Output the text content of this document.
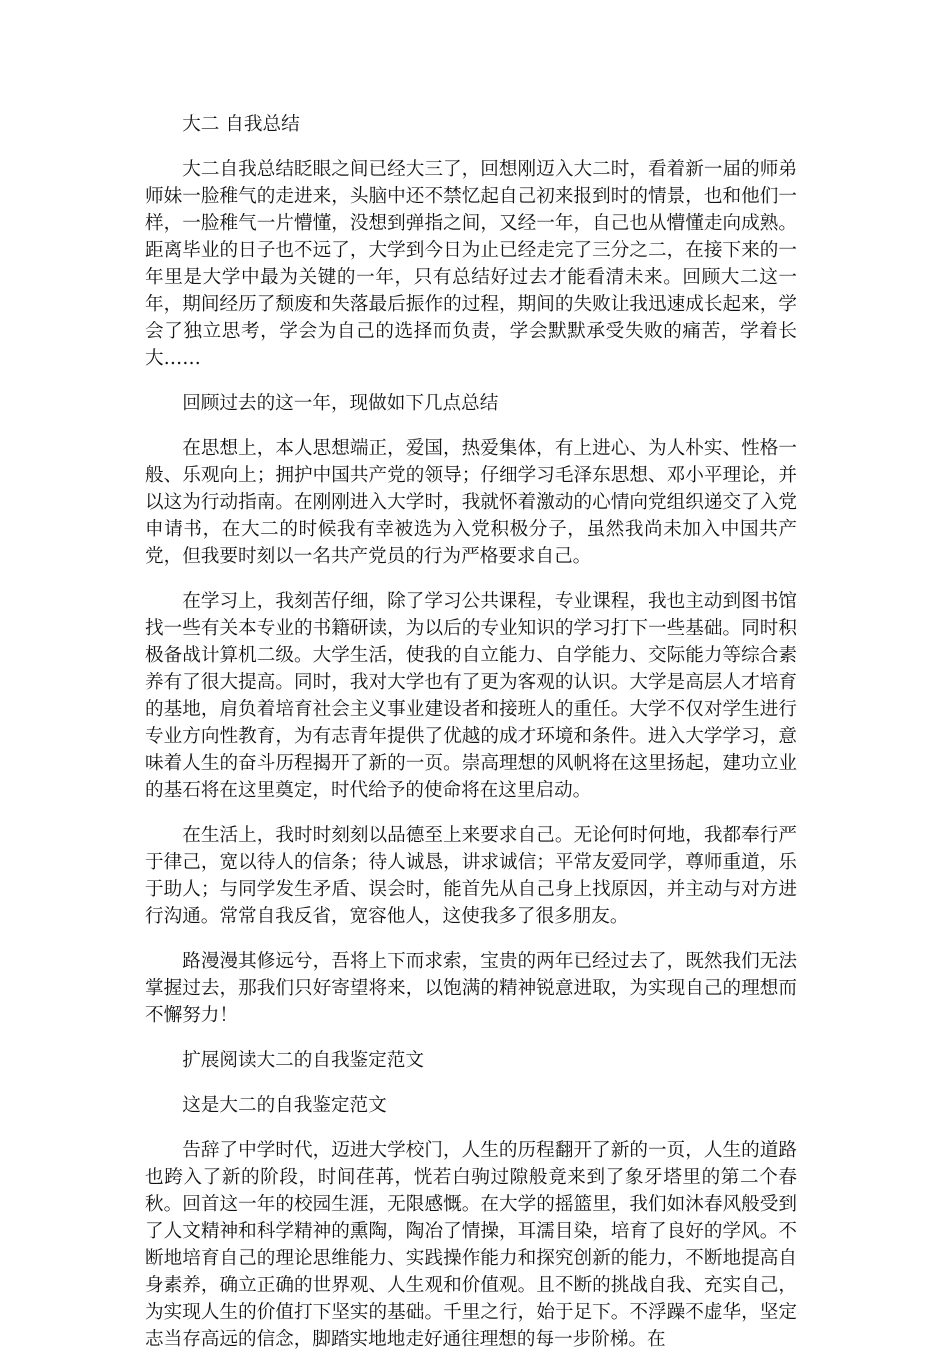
大二 自我总结

大二自我总结眨眼之间已经大三了，回想刚迈入大二时，看着新一届的师弟师妹一脸稚气的走进来，头脑中还不禁忆起自己初来报到时的情景，也和他们一样，一脸稚气一片懵懂，没想到弹指之间，又经一年，自己也从懵懂走向成熟。距离毕业的日子也不远了，大学到今日为止已经走完了三分之二，在接下来的一年里是大学中最为关键的一年，只有总结好过去才能看清未来。回顾大二这一年，期间经历了颓废和失落最后振作的过程，期间的失败让我迅速成长起来，学会了独立思考，学会为自己的选择而负责，学会默默承受失败的痛苦，学着长大……

回顾过去的这一年，现做如下几点总结

在思想上，本人思想端正，爱国，热爱集体，有上进心、为人朴实、性格一般、乐观向上；拥护中国共产党的领导；仔细学习毛泽东思想、邓小平理论，并以这为行动指南。在刚刚进入大学时，我就怀着激动的心情向党组织递交了入党申请书，在大二的时候我有幸被选为入党积极分子，虽然我尚未加入中国共产党，但我要时刻以一名共产党员的行为严格要求自己。

在学习上，我刻苦仔细，除了学习公共课程，专业课程，我也主动到图书馆找一些有关本专业的书籍研读，为以后的专业知识的学习打下一些基础。同时积极备战计算机二级。大学生活，使我的自立能力、自学能力、交际能力等综合素养有了很大提高。同时，我对大学也有了更为客观的认识。大学是高层人才培育的基地，肩负着培育社会主义事业建设者和接班人的重任。大学不仅对学生进行专业方向性教育，为有志青年提供了优越的成才环境和条件。进入大学学习，意味着人生的奋斗历程揭开了新的一页。崇高理想的风帆将在这里扬起，建功立业的基石将在这里奠定，时代给予的使命将在这里启动。

在生活上，我时时刻刻以品德至上来要求自己。无论何时何地，我都奉行严于律己，宽以待人的信条；待人诚恳，讲求诚信；平常友爱同学，尊师重道，乐于助人；与同学发生矛盾、误会时，能首先从自己身上找原因，并主动与对方进行沟通。常常自我反省，宽容他人，这使我多了很多朋友。

路漫漫其修远兮，吾将上下而求索，宝贵的两年已经过去了，既然我们无法掌握过去，那我们只好寄望将来，以饱满的精神锐意进取，为实现自己的理想而不懈努力！

扩展阅读大二的自我鉴定范文

这是大二的自我鉴定范文

告辞了中学时代，迈进大学校门，人生的历程翻开了新的一页，人生的道路也跨入了新的阶段，时间荏苒，恍若白驹过隙般竟来到了象牙塔里的第二个春秋。回首这一年的校园生涯，无限感慨。在大学的摇篮里，我们如沐春风般受到了人文精神和科学精神的熏陶，陶冶了情操，耳濡目染，培育了良好的学风。不断地培育自己的理论思维能力、实践操作能力和探究创新的能力，不断地提高自身素养，确立正确的世界观、人生观和价值观。且不断的挑战自我、充实自己，为实现人生的价值打下坚实的基础。千里之行，始于足下。不浮躁不虚华，坚定志当存高远的信念，脚踏实地地走好通往理想的每一步阶梯。在
